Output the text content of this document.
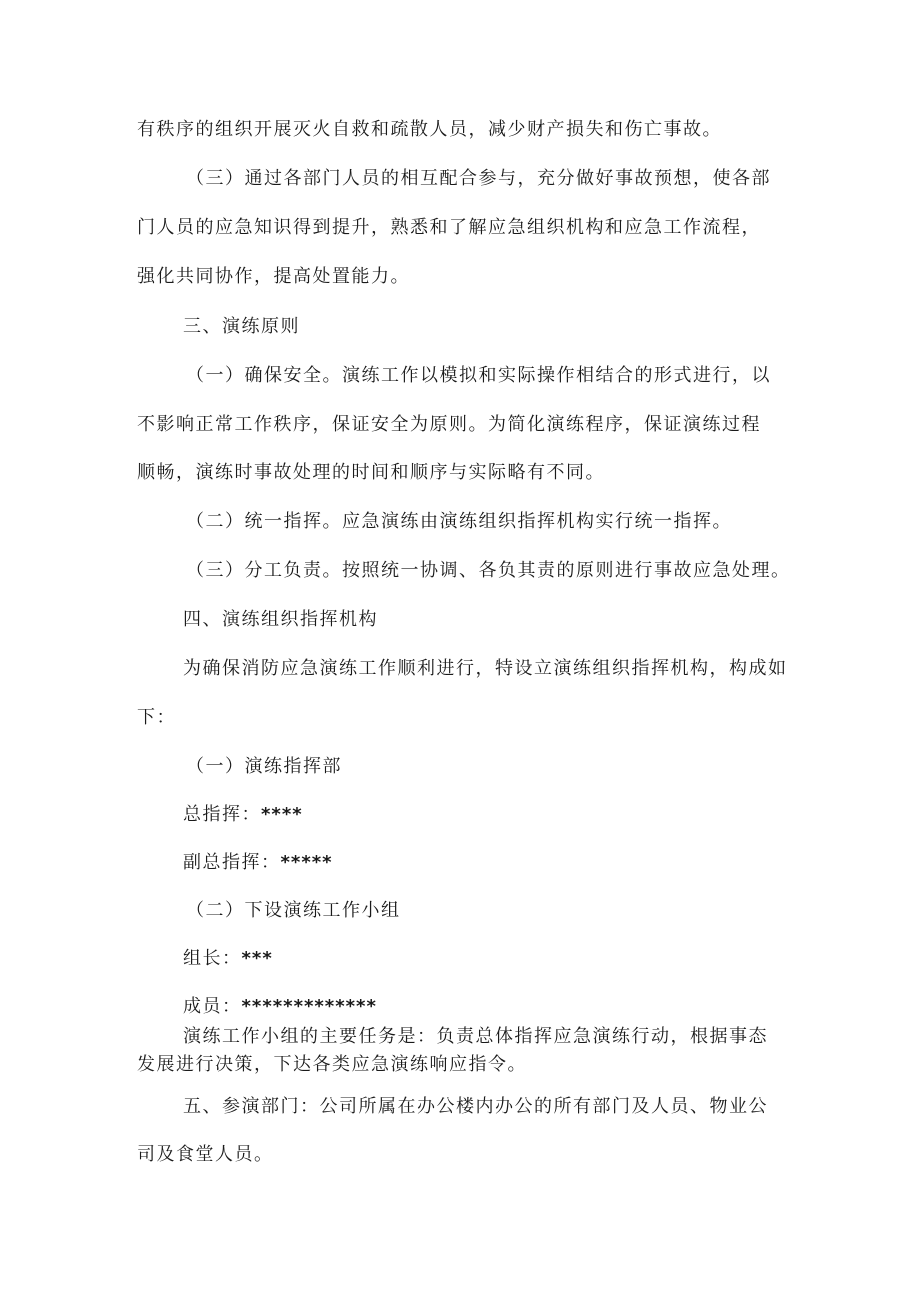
有秩序的组织开展灭火自救和疏散人员，减少财产损失和伤亡事故。
（三）通过各部门人员的相互配合参与，充分做好事故预想，使各部
门人员的应急知识得到提升，熟悉和了解应急组织机构和应急工作流程，
强化共同协作，提高处置能力。
三、演练原则
（一）确保安全。演练工作以模拟和实际操作相结合的形式进行，以
不影响正常工作秩序，保证安全为原则。为简化演练程序，保证演练过程
顺畅，演练时事故处理的时间和顺序与实际略有不同。
（二）统一指挥。应急演练由演练组织指挥机构实行统一指挥。
（三）分工负责。按照统一协调、各负其责的原则进行事故应急处理。
四、演练组织指挥机构
为确保消防应急演练工作顺利进行，特设立演练组织指挥机构，构成如
下：
（一）演练指挥部
总指挥：****
副总指挥：*****
（二）下设演练工作小组
组长：***
成员：*************
演练工作小组的主要任务是：负责总体指挥应急演练行动，根据事态
发展进行决策，下达各类应急演练响应指令。
五、参演部门：公司所属在办公楼内办公的所有部门及人员、物业公
司及食堂人员。
